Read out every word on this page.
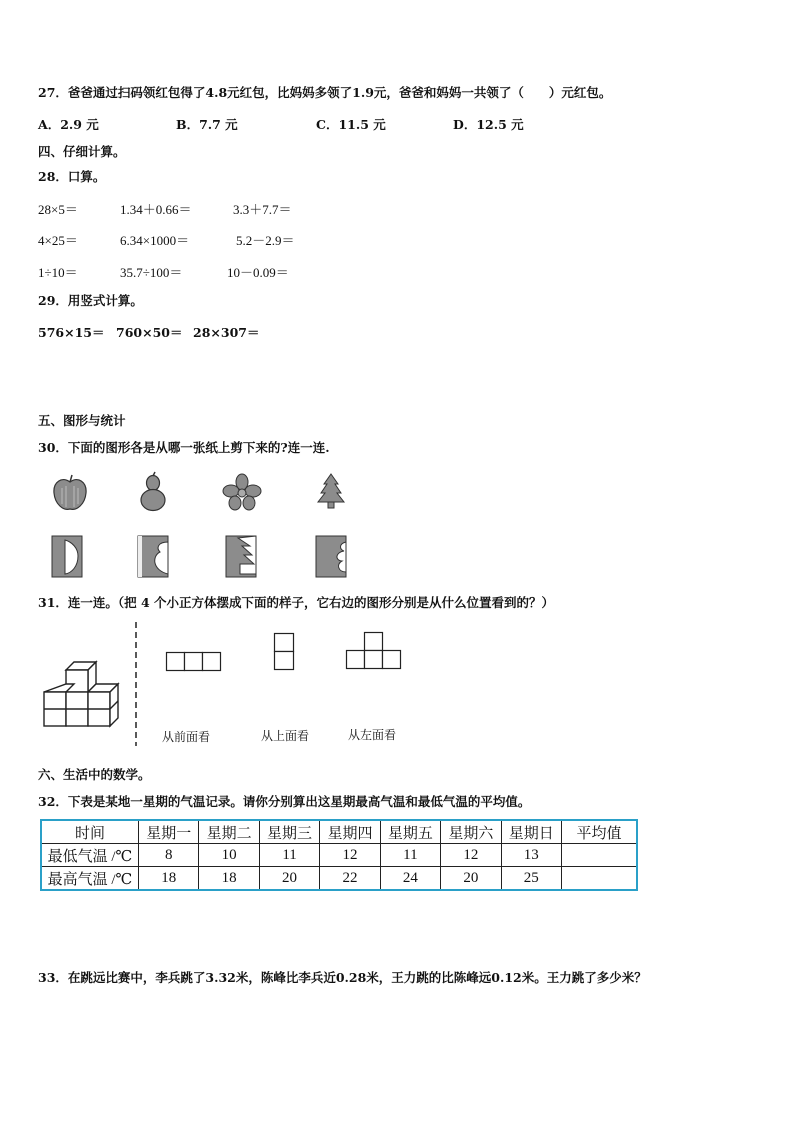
27．爸爸通过扫码领红包得了4.8元红包，比妈妈多领了1.9元，爸爸和妈妈一共领了（　　）元红包。
A．2.9 元	B．7.7 元	C．11.5 元	D．12.5 元
四、仔细计算。
28．口算。
28×5＝	1.34＋0.66＝	3.3＋7.7＝
4×25＝	6.34×1000＝	5.2－2.9＝
1÷10＝	35.7÷100＝	10－0.09＝
29．用竖式计算。
576×15＝ 760×50＝ 28×307＝
五、图形与统计
30．下面的图形各是从哪一张纸上剪下来的?连一连.
31．连一连。（把 4 个小正方体摆成下面的样子，它右边的图形分别是从什么位置看到的？）
从前面看	从上面看	从左面看
六、生活中的数学。
32．下表是某地一星期的气温记录。请你分别算出这星期最高气温和最低气温的平均值。
时间	星期一	星期二	星期三	星期四	星期五	星期六	星期日	平均值
最低气温 /℃	8	10	11	12	11	12	13	
最高气温 /℃	18	18	20	22	24	20	25	
33．在跳远比赛中，李兵跳了3.32米，陈峰比李兵近0.28米，王力跳的比陈峰远0.12米。王力跳了多少米？
